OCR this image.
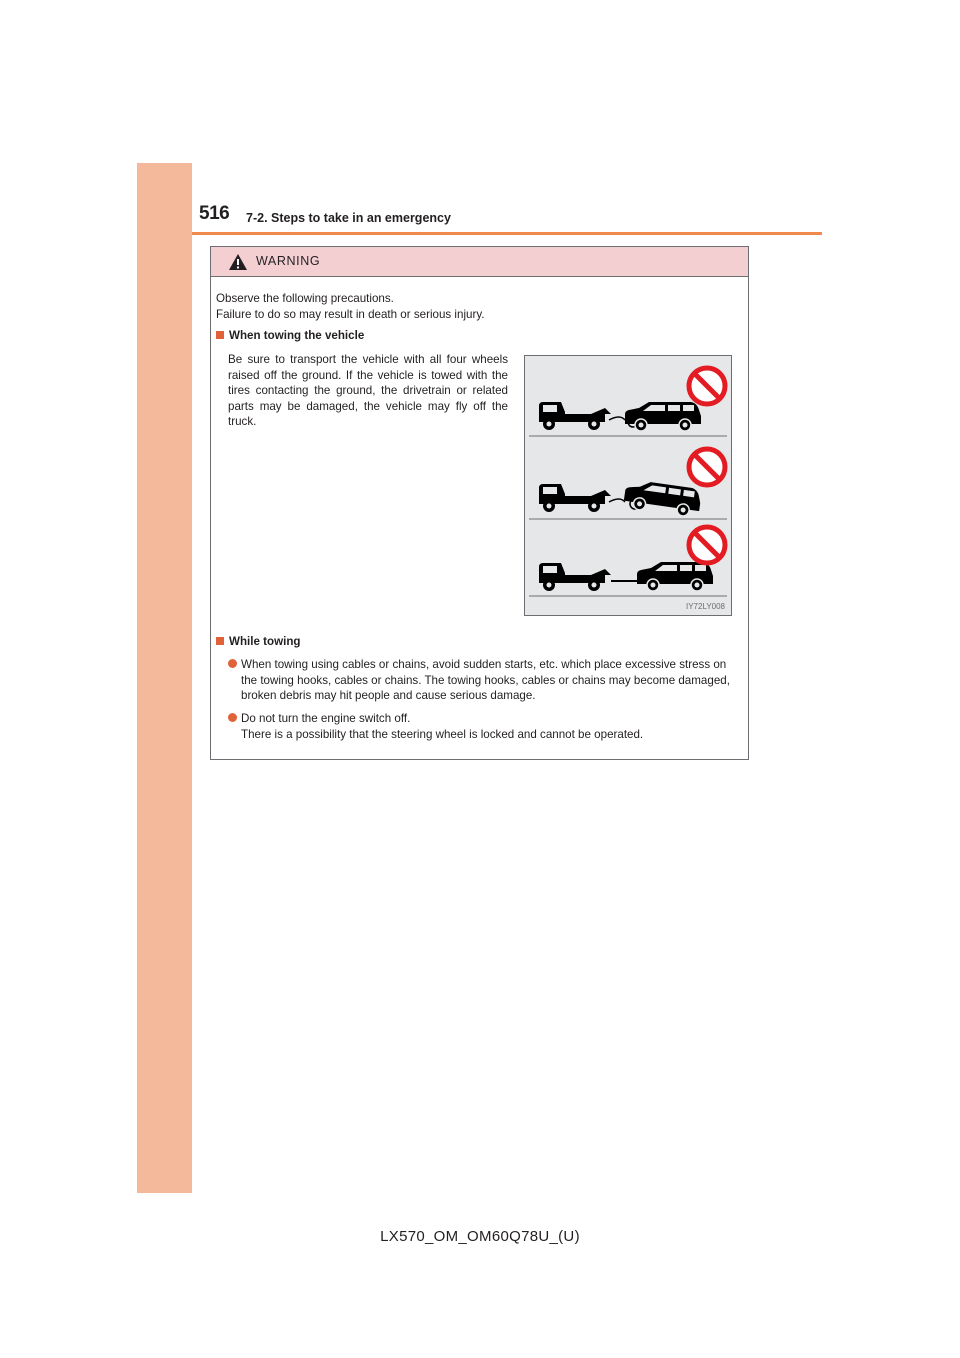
516 7-2. Steps to take in an emergency
WARNING
Observe the following precautions.
Failure to do so may result in death or serious injury.
When towing the vehicle
Be sure to transport the vehicle with all four wheels raised off the ground. If the vehicle is towed with the tires contacting the ground, the drivetrain or related parts may be damaged, the vehicle may fly off the truck.
IY72LY008
While towing
When towing using cables or chains, avoid sudden starts, etc. which place excessive stress on the towing hooks, cables or chains. The towing hooks, cables or chains may become damaged, broken debris may hit people and cause serious damage.
Do not turn the engine switch off.
There is a possibility that the steering wheel is locked and cannot be operated.
LX570_OM_OM60Q78U_(U)
